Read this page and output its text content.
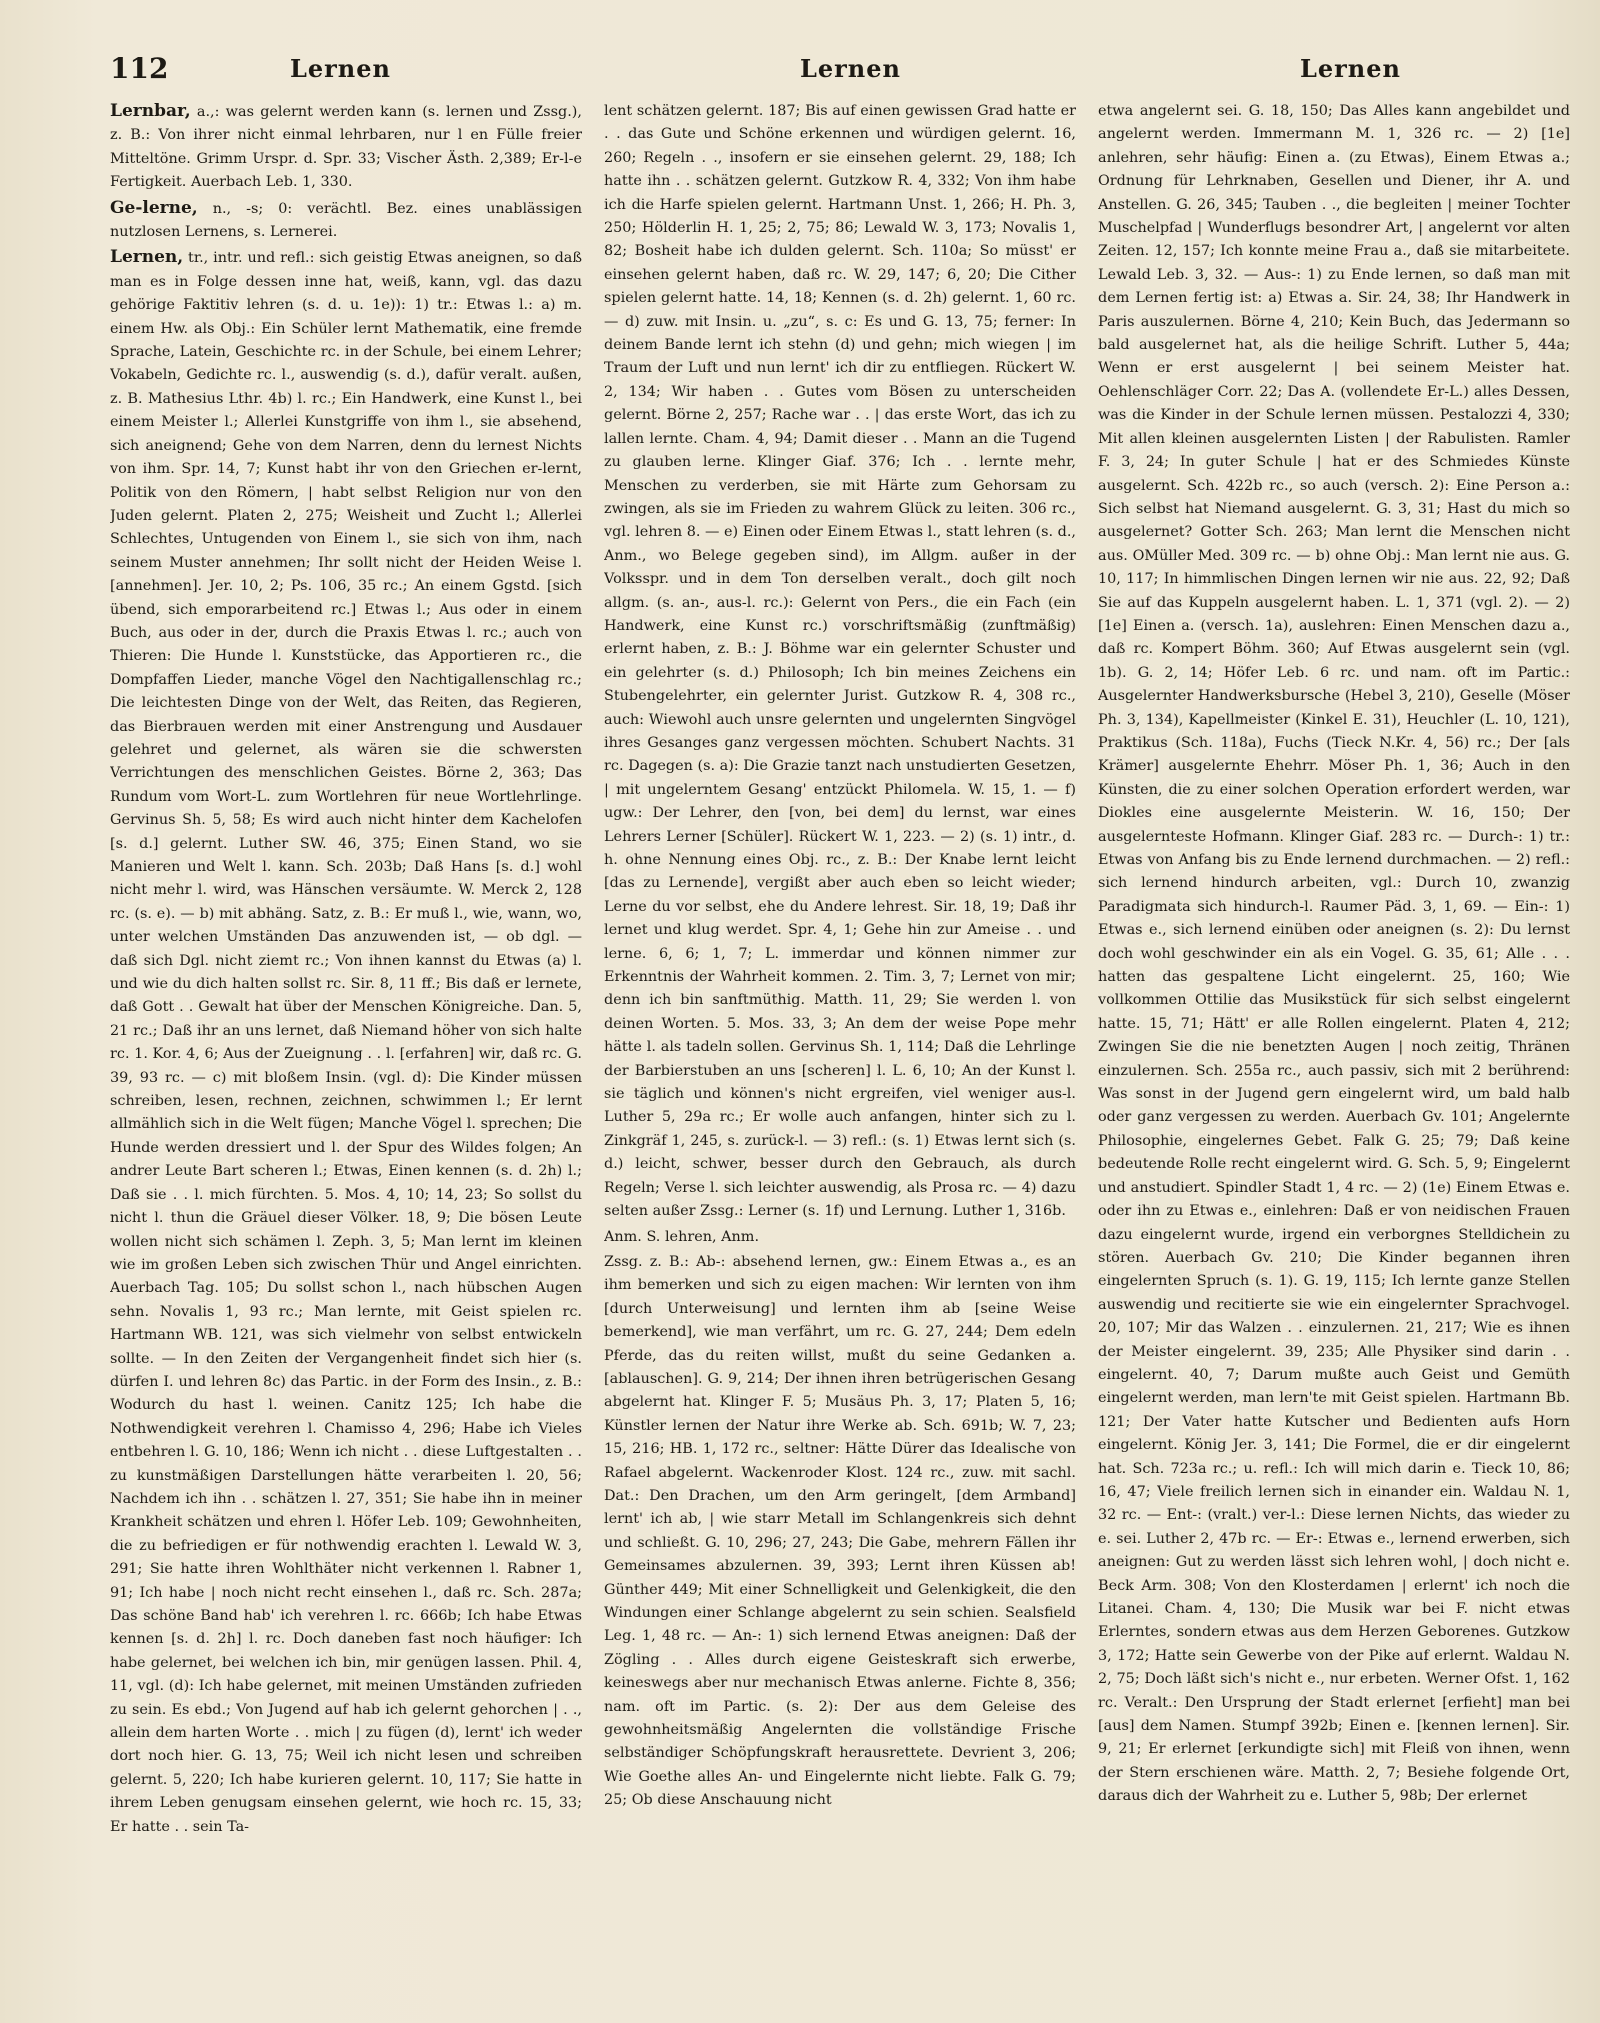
112	Lernen	Lernen	Lernen

Lernbar, a.,: was gelernt werden kann (s. lernen und Zssg.), z. B.: Von ihrer nicht einmal lehrbaren, nur l en Fülle freier Mitteltöne. Grimm Urspr. d. Spr. 33; Vischer Ästh. 2,389; Er-l-e Fertigkeit. Auerbach Leb. 1, 330.

Ge-lerne, n., -s; 0: verächtl. Bez. eines unablässigen nutzlosen Lernens, s. Lernerei.

Lernen, tr., intr. und refl.: sich geistig Etwas aneignen, so daß man es in Folge dessen inne hat, weiß, kann, vgl. das dazu gehörige Faktitiv lehren (s. d. u. 1e)): 1) tr.: Etwas l.: a) m. einem Hw. als Obj.: Ein Schüler lernt Mathematik, eine fremde Sprache, Latein, Geschichte rc. in der Schule, bei einem Lehrer; Vokabeln, Gedichte rc. l., auswendig (s. d.), dafür veralt. außen, z. B. Mathesius Lthr. 4b) l. rc.; Ein Handwerk, eine Kunst l., bei einem Meister l.; Allerlei Kunstgriffe von ihm l., sie absehend, sich aneignend; Gehe von dem Narren, denn du lernest Nichts von ihm. Spr. 14, 7; Kunst habt ihr von den Griechen er-lernt, Politik von den Römern, | habt selbst Religion nur von den Juden gelernt. Platen 2, 275; Weisheit und Zucht l.; Allerlei Schlechtes, Untugenden von Einem l., sie sich von ihm, nach seinem Muster annehmen; Ihr sollt nicht der Heiden Weise l. [annehmen]. Jer. 10, 2; Ps. 106, 35 rc.; An einem Ggstd. [sich übend, sich emporarbeitend rc.] Etwas l.; Aus oder in einem Buch, aus oder in der, durch die Praxis Etwas l. rc.; auch von Thieren: Die Hunde l. Kunststücke, das Apportieren rc., die Dompfaffen Lieder, manche Vögel den Nachtigallenschlag rc.; Die leichtesten Dinge von der Welt, das Reiten, das Regieren, das Bierbrauen werden mit einer Anstrengung und Ausdauer gelehret und gelernet, als wären sie die schwersten Verrichtungen des menschlichen Geistes. Börne 2, 363; Das Rundum vom Wort-L. zum Wortlehren für neue Wortlehrlinge. Gervinus Sh. 5, 58; Es wird auch nicht hinter dem Kachelofen [s. d.] gelernt. Luther SW. 46, 375; Einen Stand, wo sie Manieren und Welt l. kann. Sch. 203b; Daß Hans [s. d.] wohl nicht mehr l. wird, was Hänschen versäumte. W. Merck 2, 128 rc. (s. e). — b) mit abhäng. Satz, z. B.: Er muß l., wie, wann, wo, unter welchen Umständen Das anzuwenden ist, — ob dgl. — daß sich Dgl. nicht ziemt rc.; Von ihnen kannst du Etwas (a) l. und wie du dich halten sollst rc. Sir. 8, 11 ff.; Bis daß er lernete, daß Gott . . Gewalt hat über der Menschen Königreiche. Dan. 5, 21 rc.; Daß ihr an uns lernet, daß Niemand höher von sich halte rc. 1. Kor. 4, 6; Aus der Zueignung . . l. [erfahren] wir, daß rc. G. 39, 93 rc. — c) mit bloßem Insin. (vgl. d): Die Kinder müssen schreiben, lesen, rechnen, zeichnen, schwimmen l.; Er lernt allmählich sich in die Welt fügen; Manche Vögel l. sprechen; Die Hunde werden dressiert und l. der Spur des Wildes folgen; An andrer Leute Bart scheren l.; Etwas, Einen kennen (s. d. 2h) l.; Daß sie . . l. mich fürchten. 5. Mos. 4, 10; 14, 23; So sollst du nicht l. thun die Gräuel dieser Völker. 18, 9; Die bösen Leute wollen nicht sich schämen l. Zeph. 3, 5; Man lernt im kleinen wie im großen Leben sich zwischen Thür und Angel einrichten. Auerbach Tag. 105; Du sollst schon l., nach hübschen Augen sehn. Novalis 1, 93 rc.; Man lernte, mit Geist spielen rc. Hartmann WB. 121, was sich vielmehr von selbst entwickeln sollte. — In den Zeiten der Vergangenheit findet sich hier (s. dürfen I. und lehren 8c) das Partic. in der Form des Insin., z. B.: Wodurch du hast l. weinen. Canitz 125; Ich habe die Nothwendigkeit verehren l. Chamisso 4, 296; Habe ich Vieles entbehren l. G. 10, 186; Wenn ich nicht . . diese Luftgestalten . . zu kunstmäßigen Darstellungen hätte verarbeiten l. 20, 56; Nachdem ich ihn . . schätzen l. 27, 351; Sie habe ihn in meiner Krankheit schätzen und ehren l. Höfer Leb. 109; Gewohnheiten, die zu befriedigen er für nothwendig erachten l. Lewald W. 3, 291; Sie hatte ihren Wohlthäter nicht verkennen l. Rabner 1, 91; Ich habe | noch nicht recht einsehen l., daß rc. Sch. 287a; Das schöne Band hab' ich verehren l. rc. 666b; Ich habe Etwas kennen [s. d. 2h] l. rc. Doch daneben fast noch häufiger: Ich habe gelernet, bei welchen ich bin, mir genügen lassen. Phil. 4, 11, vgl. (d): Ich habe gelernet, mit meinen Umständen zufrieden zu sein. Es ebd.; Von Jugend auf hab ich gelernt gehorchen | . ., allein dem harten Worte . . mich | zu fügen (d), lernt' ich weder dort noch hier. G. 13, 75; Weil ich nicht lesen und schreiben gelernt. 5, 220; Ich habe kurieren gelernt. 10, 117; Sie hatte in ihrem Leben genugsam einsehen gelernt, wie hoch rc. 15, 33; Er hatte . . sein Ta-

lent schätzen gelernt. 187; Bis auf einen gewissen Grad hatte er . . das Gute und Schöne erkennen und würdigen gelernt. 16, 260; Regeln . ., insofern er sie einsehen gelernt. 29, 188; Ich hatte ihn . . schätzen gelernt. Gutzkow R. 4, 332; Von ihm habe ich die Harfe spielen gelernt. Hartmann Unst. 1, 266; H. Ph. 3, 250; Hölderlin H. 1, 25; 2, 75; 86; Lewald W. 3, 173; Novalis 1, 82; Bosheit habe ich dulden gelernt. Sch. 110a; So müsst' er einsehen gelernt haben, daß rc. W. 29, 147; 6, 20; Die Cither spielen gelernt hatte. 14, 18; Kennen (s. d. 2h) gelernt. 1, 60 rc. — d) zuw. mit Insin. u. „zu“, s. c: Es und G. 13, 75; ferner: In deinem Bande lernt ich stehn (d) und gehn; mich wiegen | im Traum der Luft und nun lernt' ich dir zu entfliegen. Rückert W. 2, 134; Wir haben . . Gutes vom Bösen zu unterscheiden gelernt. Börne 2, 257; Rache war . . | das erste Wort, das ich zu lallen lernte. Cham. 4, 94; Damit dieser . . Mann an die Tugend zu glauben lerne. Klinger Giaf. 376; Ich . . lernte mehr, Menschen zu verderben, sie mit Härte zum Gehorsam zu zwingen, als sie im Frieden zu wahrem Glück zu leiten. 306 rc., vgl. lehren 8. — e) Einen oder Einem Etwas l., statt lehren (s. d., Anm., wo Belege gegeben sind), im Allgm. außer in der Volksspr. und in dem Ton derselben veralt., doch gilt noch allgm. (s. an-, aus-l. rc.): Gelernt von Pers., die ein Fach (ein Handwerk, eine Kunst rc.) vorschriftsmäßig (zunftmäßig) erlernt haben, z. B.: J. Böhme war ein gelernter Schuster und ein gelehrter (s. d.) Philosoph; Ich bin meines Zeichens ein Stubengelehrter, ein gelernter Jurist. Gutzkow R. 4, 308 rc., auch: Wiewohl auch unsre gelernten und ungelernten Singvögel ihres Gesanges ganz vergessen möchten. Schubert Nachts. 31 rc. Dagegen (s. a): Die Grazie tanzt nach unstudierten Gesetzen, | mit ungelerntem Gesang' entzückt Philomela. W. 15, 1. — f) ugw.: Der Lehrer, den [von, bei dem] du lernst, war eines Lehrers Lerner [Schüler]. Rückert W. 1, 223. — 2) (s. 1) intr., d. h. ohne Nennung eines Obj. rc., z. B.: Der Knabe lernt leicht [das zu Lernende], vergißt aber auch eben so leicht wieder; Lerne du vor selbst, ehe du Andere lehrest. Sir. 18, 19; Daß ihr lernet und klug werdet. Spr. 4, 1; Gehe hin zur Ameise . . und lerne. 6, 6; 1, 7; L. immerdar und können nimmer zur Erkenntnis der Wahrheit kommen. 2. Tim. 3, 7; Lernet von mir; denn ich bin sanftmüthig. Matth. 11, 29; Sie werden l. von deinen Worten. 5. Mos. 33, 3; An dem der weise Pope mehr hätte l. als tadeln sollen. Gervinus Sh. 1, 114; Daß die Lehrlinge der Barbierstuben an uns [scheren] l. L. 6, 10; An der Kunst l. sie täglich und können's nicht ergreifen, viel weniger aus-l. Luther 5, 29a rc.; Er wolle auch anfangen, hinter sich zu l. Zinkgräf 1, 245, s. zurück-l. — 3) refl.: (s. 1) Etwas lernt sich (s. d.) leicht, schwer, besser durch den Gebrauch, als durch Regeln; Verse l. sich leichter auswendig, als Prosa rc. — 4) dazu selten außer Zssg.: Lerner (s. 1f) und Lernung. Luther 1, 316b.

Anm. S. lehren, Anm.

Zssg. z. B.: Ab-: absehend lernen, gw.: Einem Etwas a., es an ihm bemerken und sich zu eigen machen: Wir lernten von ihm [durch Unterweisung] und lernten ihm ab [seine Weise bemerkend], wie man verfährt, um rc. G. 27, 244; Dem edeln Pferde, das du reiten willst, mußt du seine Gedanken a. [ablauschen]. G. 9, 214; Der ihnen ihren betrügerischen Gesang abgelernt hat. Klinger F. 5; Musäus Ph. 3, 17; Platen 5, 16; Künstler lernen der Natur ihre Werke ab. Sch. 691b; W. 7, 23; 15, 216; HB. 1, 172 rc., seltner: Hätte Dürer das Idealische von Rafael abgelernt. Wackenroder Klost. 124 rc., zuw. mit sachl. Dat.: Den Drachen, um den Arm geringelt, [dem Armband] lernt' ich ab, | wie starr Metall im Schlangenkreis sich dehnt und schließt. G. 10, 296; 27, 243; Die Gabe, mehrern Fällen ihr Gemeinsames abzulernen. 39, 393; Lernt ihren Küssen ab! Günther 449; Mit einer Schnelligkeit und Gelenkigkeit, die den Windungen einer Schlange abgelernt zu sein schien. Sealsfield Leg. 1, 48 rc. — An-: 1) sich lernend Etwas aneignen: Daß der Zögling . . Alles durch eigene Geisteskraft sich erwerbe, keineswegs aber nur mechanisch Etwas anlerne. Fichte 8, 356; nam. oft im Partic. (s. 2): Der aus dem Geleise des gewohnheitsmäßig Angelernten die vollständige Frische selbständiger Schöpfungskraft herausrettete. Devrient 3, 206; Wie Goethe alles An- und Eingelernte nicht liebte. Falk G. 79; 25; Ob diese Anschauung nicht

etwa angelernt sei. G. 18, 150; Das Alles kann angebildet und angelernt werden. Immermann M. 1, 326 rc. — 2) [1e] anlehren, sehr häufig: Einen a. (zu Etwas), Einem Etwas a.; Ordnung für Lehrknaben, Gesellen und Diener, ihr A. und Anstellen. G. 26, 345; Tauben . ., die begleiten | meiner Tochter Muschelpfad | Wunderflugs besondrer Art, | angelernt vor alten Zeiten. 12, 157; Ich konnte meine Frau a., daß sie mitarbeitete. Lewald Leb. 3, 32. — Aus-: 1) zu Ende lernen, so daß man mit dem Lernen fertig ist: a) Etwas a. Sir. 24, 38; Ihr Handwerk in Paris auszulernen. Börne 4, 210; Kein Buch, das Jedermann so bald ausgelernet hat, als die heilige Schrift. Luther 5, 44a; Wenn er erst ausgelernt | bei seinem Meister hat. Oehlenschläger Corr. 22; Das A. (vollendete Er-L.) alles Dessen, was die Kinder in der Schule lernen müssen. Pestalozzi 4, 330; Mit allen kleinen ausgelernten Listen | der Rabulisten. Ramler F. 3, 24; In guter Schule | hat er des Schmiedes Künste ausgelernt. Sch. 422b rc., so auch (versch. 2): Eine Person a.: Sich selbst hat Niemand ausgelernt. G. 3, 31; Hast du mich so ausgelernet? Gotter Sch. 263; Man lernt die Menschen nicht aus. OMüller Med. 309 rc. — b) ohne Obj.: Man lernt nie aus. G. 10, 117; In himmlischen Dingen lernen wir nie aus. 22, 92; Daß Sie auf das Kuppeln ausgelernt haben. L. 1, 371 (vgl. 2). — 2) [1e] Einen a. (versch. 1a), auslehren: Einen Menschen dazu a., daß rc. Kompert Böhm. 360; Auf Etwas ausgelernt sein (vgl. 1b). G. 2, 14; Höfer Leb. 6 rc. und nam. oft im Partic.: Ausgelernter Handwerksbursche (Hebel 3, 210), Geselle (Möser Ph. 3, 134), Kapellmeister (Kinkel E. 31), Heuchler (L. 10, 121), Praktikus (Sch. 118a), Fuchs (Tieck N.Kr. 4, 56) rc.; Der [als Krämer] ausgelernte Ehehrr. Möser Ph. 1, 36; Auch in den Künsten, die zu einer solchen Operation erfordert werden, war Diokles eine ausgelernte Meisterin. W. 16, 150; Der ausgelernteste Hofmann. Klinger Giaf. 283 rc. — Durch-: 1) tr.: Etwas von Anfang bis zu Ende lernend durchmachen. — 2) refl.: sich lernend hindurch arbeiten, vgl.: Durch 10, zwanzig Paradigmata sich hindurch-l. Raumer Päd. 3, 1, 69. — Ein-: 1) Etwas e., sich lernend einüben oder aneignen (s. 2): Du lernst doch wohl geschwinder ein als ein Vogel. G. 35, 61; Alle . . . hatten das gespaltene Licht eingelernt. 25, 160; Wie vollkommen Ottilie das Musikstück für sich selbst eingelernt hatte. 15, 71; Hätt' er alle Rollen eingelernt. Platen 4, 212; Zwingen Sie die nie benetzten Augen | noch zeitig, Thränen einzulernen. Sch. 255a rc., auch passiv, sich mit 2 berührend: Was sonst in der Jugend gern eingelernt wird, um bald halb oder ganz vergessen zu werden. Auerbach Gv. 101; Angelernte Philosophie, eingelernes Gebet. Falk G. 25; 79; Daß keine bedeutende Rolle recht eingelernt wird. G. Sch. 5, 9; Eingelernt und anstudiert. Spindler Stadt 1, 4 rc. — 2) (1e) Einem Etwas e. oder ihn zu Etwas e., einlehren: Daß er von neidischen Frauen dazu eingelernt wurde, irgend ein verborgnes Stelldichein zu stören. Auerbach Gv. 210; Die Kinder begannen ihren eingelernten Spruch (s. 1). G. 19, 115; Ich lernte ganze Stellen auswendig und recitierte sie wie ein eingelernter Sprachvogel. 20, 107; Mir das Walzen . . einzulernen. 21, 217; Wie es ihnen der Meister eingelernt. 39, 235; Alle Physiker sind darin . . eingelernt. 40, 7; Darum mußte auch Geist und Gemüth eingelernt werden, man lern'te mit Geist spielen. Hartmann Bb. 121; Der Vater hatte Kutscher und Bedienten aufs Horn eingelernt. König Jer. 3, 141; Die Formel, die er dir eingelernt hat. Sch. 723a rc.; u. refl.: Ich will mich darin e. Tieck 10, 86; 16, 47; Viele freilich lernen sich in einander ein. Waldau N. 1, 32 rc. — Ent-: (vralt.) ver-l.: Diese lernen Nichts, das wieder zu e. sei. Luther 2, 47b rc. — Er-: Etwas e., lernend erwerben, sich aneignen: Gut zu werden lässt sich lehren wohl, | doch nicht e. Beck Arm. 308; Von den Klosterdamen | erlernt' ich noch die Litanei. Cham. 4, 130; Die Musik war bei F. nicht etwas Erlerntes, sondern etwas aus dem Herzen Geborenes. Gutzkow 3, 172; Hatte sein Gewerbe von der Pike auf erlernt. Waldau N. 2, 75; Doch läßt sich's nicht e., nur erbeten. Werner Ofst. 1, 162 rc. Veralt.: Den Ursprung der Stadt erlernet [erfieht] man bei [aus] dem Namen. Stumpf 392b; Einen e. [kennen lernen]. Sir. 9, 21; Er erlernet [erkundigte sich] mit Fleiß von ihnen, wenn der Stern erschienen wäre. Matth. 2, 7; Besiehe folgende Ort, daraus dich der Wahrheit zu e. Luther 5, 98b; Der erlernet
